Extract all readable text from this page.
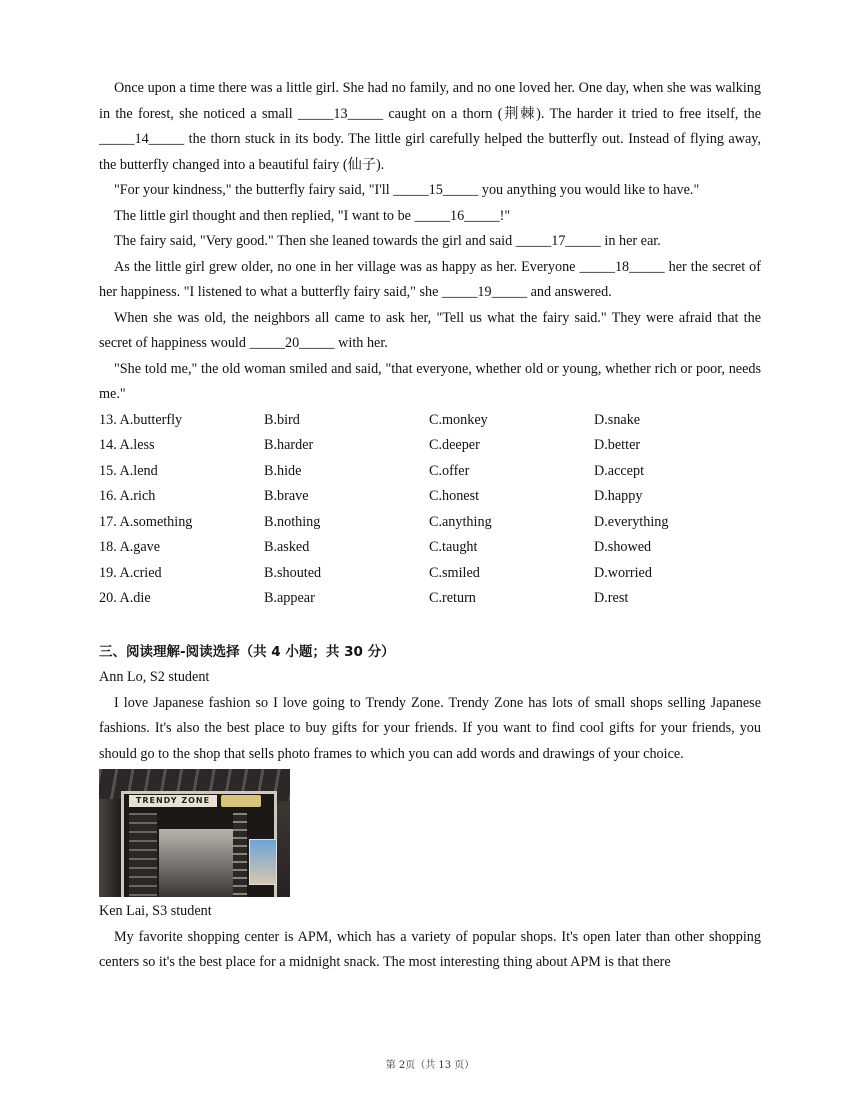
Once upon a time there was a little girl. She had no family, and no one loved her. One day, when she was walking in the forest, she noticed a small _____13_____ caught on a thorn (荆棘). The harder it tried to free itself, the _____14_____ the thorn stuck in its body. The little girl carefully helped the butterfly out. Instead of flying away, the butterfly changed into a beautiful fairy (仙子).

"For your kindness," the butterfly fairy said, "I'll _____15_____ you anything you would like to have."

The little girl thought and then replied, "I want to be _____16_____!"

The fairy said, "Very good." Then she leaned towards the girl and said _____17_____ in her ear.

As the little girl grew older, no one in her village was as happy as her. Everyone _____18_____ her the secret of her happiness. "I listened to what a butterfly fairy said," she _____19_____ and answered.

When she was old, the neighbors all came to ask her, "Tell us what the fairy said." They were afraid that the secret of happiness would _____20_____ with her.

"She told me," the old woman smiled and said, "that everyone, whether old or young, whether rich or poor, needs me."

13. A.butterfly	B.bird	C.monkey	D.snake
14. A.less	B.harder	C.deeper	D.better
15. A.lend	B.hide	C.offer	D.accept
16. A.rich	B.brave	C.honest	D.happy
17. A.something	B.nothing	C.anything	D.everything
18. A.gave	B.asked	C.taught	D.showed
19. A.cried	B.shouted	C.smiled	D.worried
20. A.die	B.appear	C.return	D.rest
三、阅读理解-阅读选择（共 4 小题；共 30 分）

Ann Lo, S2 student

I love Japanese fashion so I love going to Trendy Zone. Trendy Zone has lots of small shops selling Japanese fashions. It's also the best place to buy gifts for your friends. If you want to find cool gifts for your friends, you should go to the shop that sells photo frames to which you can add words and drawings of your choice.

TRENDY ZONE

Ken Lai, S3 student

My favorite shopping center is APM, which has a variety of popular shops. It's open later than other shopping centers so it's the best place for a midnight snack. The most interesting thing about APM is that there

第 2页（共 13 页）
